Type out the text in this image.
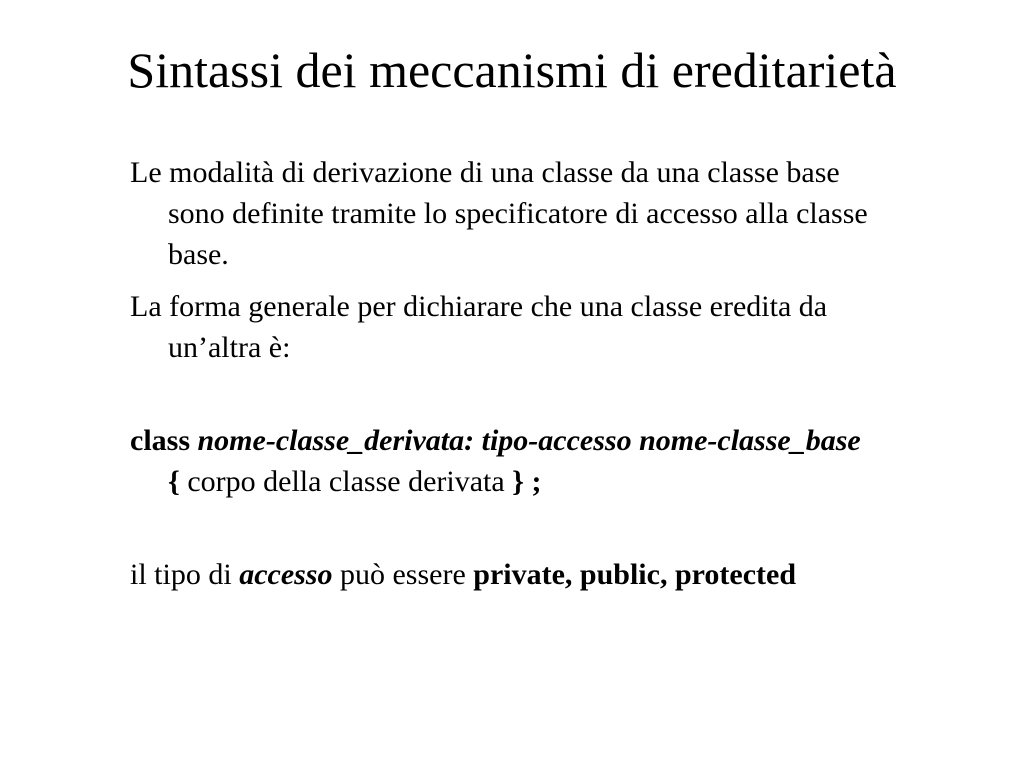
Sintassi dei meccanismi di ereditarietà

Le modalità di derivazione di una classe da una classe base sono definite tramite lo specificatore di accesso alla classe base.

La forma generale per dichiarare che una classe eredita da un’altra è:

class nome-classe_derivata: tipo-accesso nome-classe_base { corpo della classe derivata } ;

il tipo di accesso può essere private, public, protected
